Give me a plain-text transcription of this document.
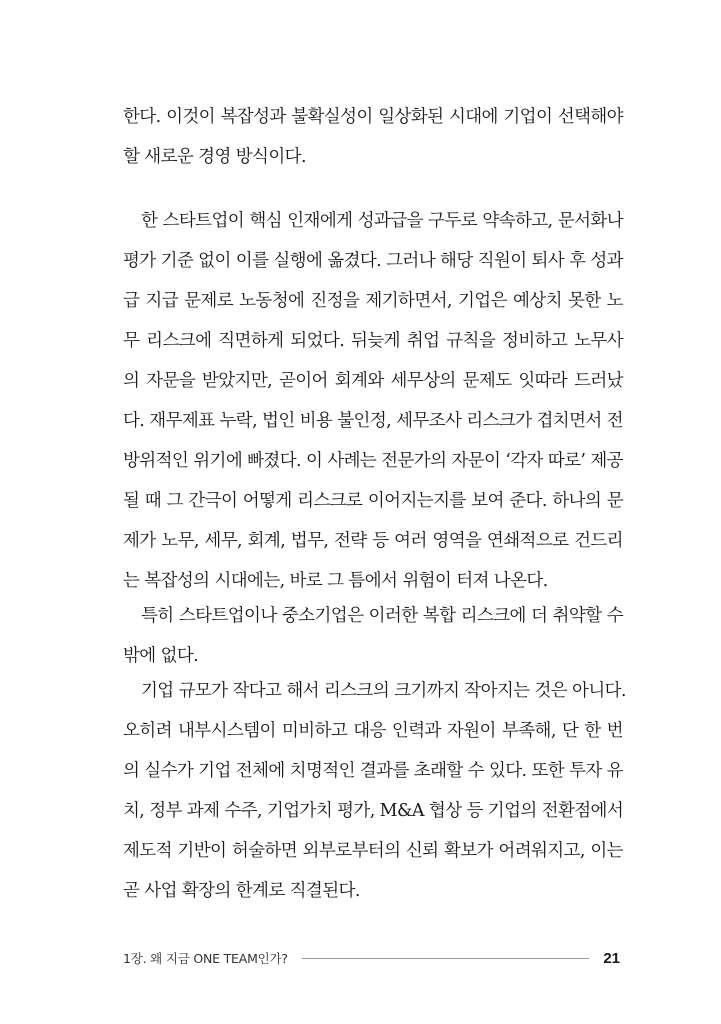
한다. 이것이 복잡성과 불확실성이 일상화된 시대에 기업이 선택해야
할 새로운 경영 방식이다.
한 스타트업이 핵심 인재에게 성과급을 구두로 약속하고, 문서화나
평가 기준 없이 이를 실행에 옮겼다. 그러나 해당 직원이 퇴사 후 성과
급 지급 문제로 노동청에 진정을 제기하면서, 기업은 예상치 못한 노
무 리스크에 직면하게 되었다. 뒤늦게 취업 규칙을 정비하고 노무사
의 자문을 받았지만, 곧이어 회계와 세무상의 문제도 잇따라 드러났
다. 재무제표 누락, 법인 비용 불인정, 세무조사 리스크가 겹치면서 전
방위적인 위기에 빠졌다. 이 사례는 전문가의 자문이 ‘각자 따로’ 제공
될 때 그 간극이 어떻게 리스크로 이어지는지를 보여 준다. 하나의 문
제가 노무, 세무, 회계, 법무, 전략 등 여러 영역을 연쇄적으로 건드리
는 복잡성의 시대에는, 바로 그 틈에서 위험이 터져 나온다.
특히 스타트업이나 중소기업은 이러한 복합 리스크에 더 취약할 수
밖에 없다.
기업 규모가 작다고 해서 리스크의 크기까지 작아지는 것은 아니다.
오히려 내부시스템이 미비하고 대응 인력과 자원이 부족해, 단 한 번
의 실수가 기업 전체에 치명적인 결과를 초래할 수 있다. 또한 투자 유
치, 정부 과제 수주, 기업가치 평가, M&A 협상 등 기업의 전환점에서
제도적 기반이 허술하면 외부로부터의 신뢰 확보가 어려워지고, 이는
곧 사업 확장의 한계로 직결된다.
1장. 왜 지금 ONE TEAM인가?	21
